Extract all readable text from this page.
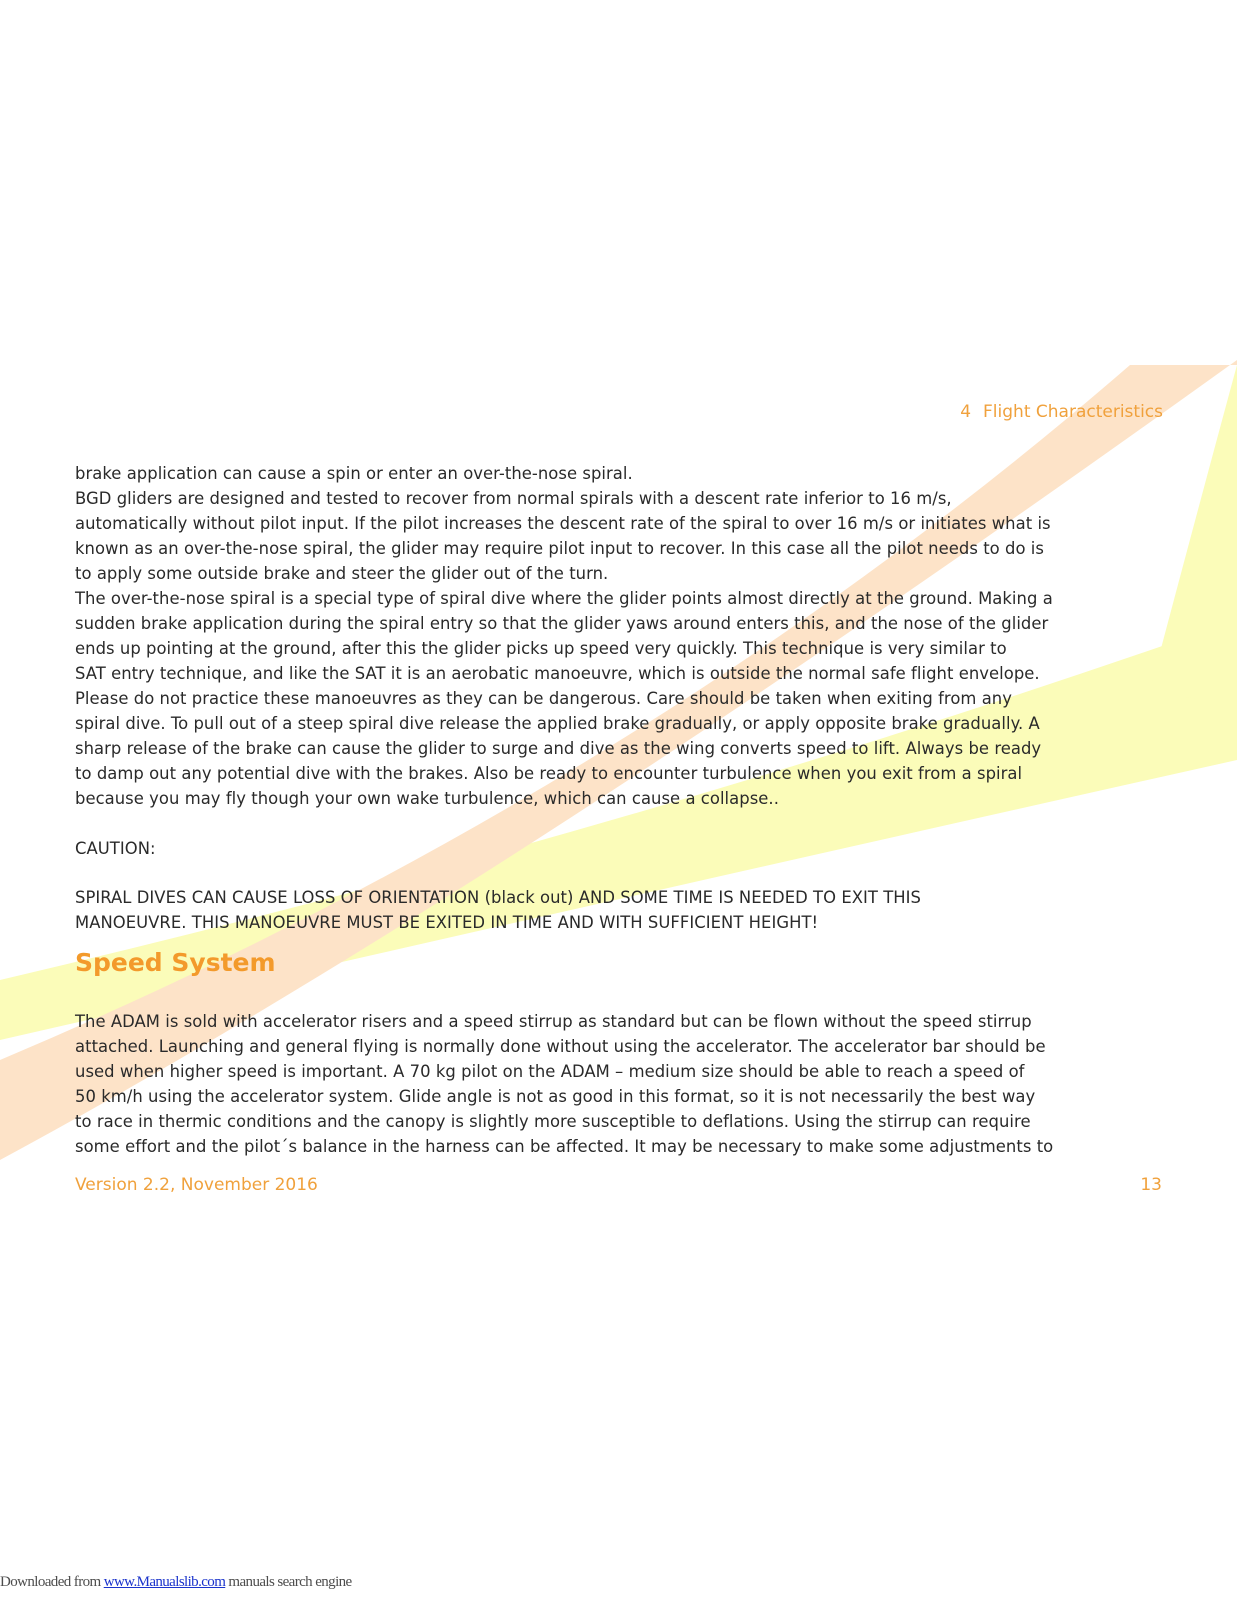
4 Flight Characteristics
brake application can cause a spin or enter an over-the-nose spiral.
BGD gliders are designed and tested to recover from normal spirals with a descent rate inferior to 16 m/s,
automatically without pilot input. If the pilot increases the descent rate of the spiral to over 16 m/s or initiates what is
known as an over-the-nose spiral, the glider may require pilot input to recover. In this case all the pilot needs to do is
to apply some outside brake and steer the glider out of the turn.
The over-the-nose spiral is a special type of spiral dive where the glider points almost directly at the ground. Making a
sudden brake application during the spiral entry so that the glider yaws around enters this, and the nose of the glider
ends up pointing at the ground, after this the glider picks up speed very quickly. This technique is very similar to
SAT entry technique, and like the SAT it is an aerobatic manoeuvre, which is outside the normal safe flight envelope.
Please do not practice these manoeuvres as they can be dangerous. Care should be taken when exiting from any
spiral dive. To pull out of a steep spiral dive release the applied brake gradually, or apply opposite brake gradually. A
sharp release of the brake can cause the glider to surge and dive as the wing converts speed to lift. Always be ready
to damp out any potential dive with the brakes. Also be ready to encounter turbulence when you exit from a spiral
because you may fly though your own wake turbulence, which can cause a collapse..
CAUTION:
SPIRAL DIVES CAN CAUSE LOSS OF ORIENTATION (black out) AND SOME TIME IS NEEDED TO EXIT THIS
MANOEUVRE. THIS MANOEUVRE MUST BE EXITED IN TIME AND WITH SUFFICIENT HEIGHT!
Speed System
The ADAM is sold with accelerator risers and a speed stirrup as standard but can be flown without the speed stirrup
attached. Launching and general flying is normally done without using the accelerator. The accelerator bar should be
used when higher speed is important. A 70 kg pilot on the ADAM – medium size should be able to reach a speed of
50 km/h using the accelerator system. Glide angle is not as good in this format, so it is not necessarily the best way
to race in thermic conditions and the canopy is slightly more susceptible to deflations. Using the stirrup can require
some effort and the pilot´s balance in the harness can be affected. It may be necessary to make some adjustments to
Version 2.2, November 2016	13
Downloaded from www.Manualslib.com manuals search engine
